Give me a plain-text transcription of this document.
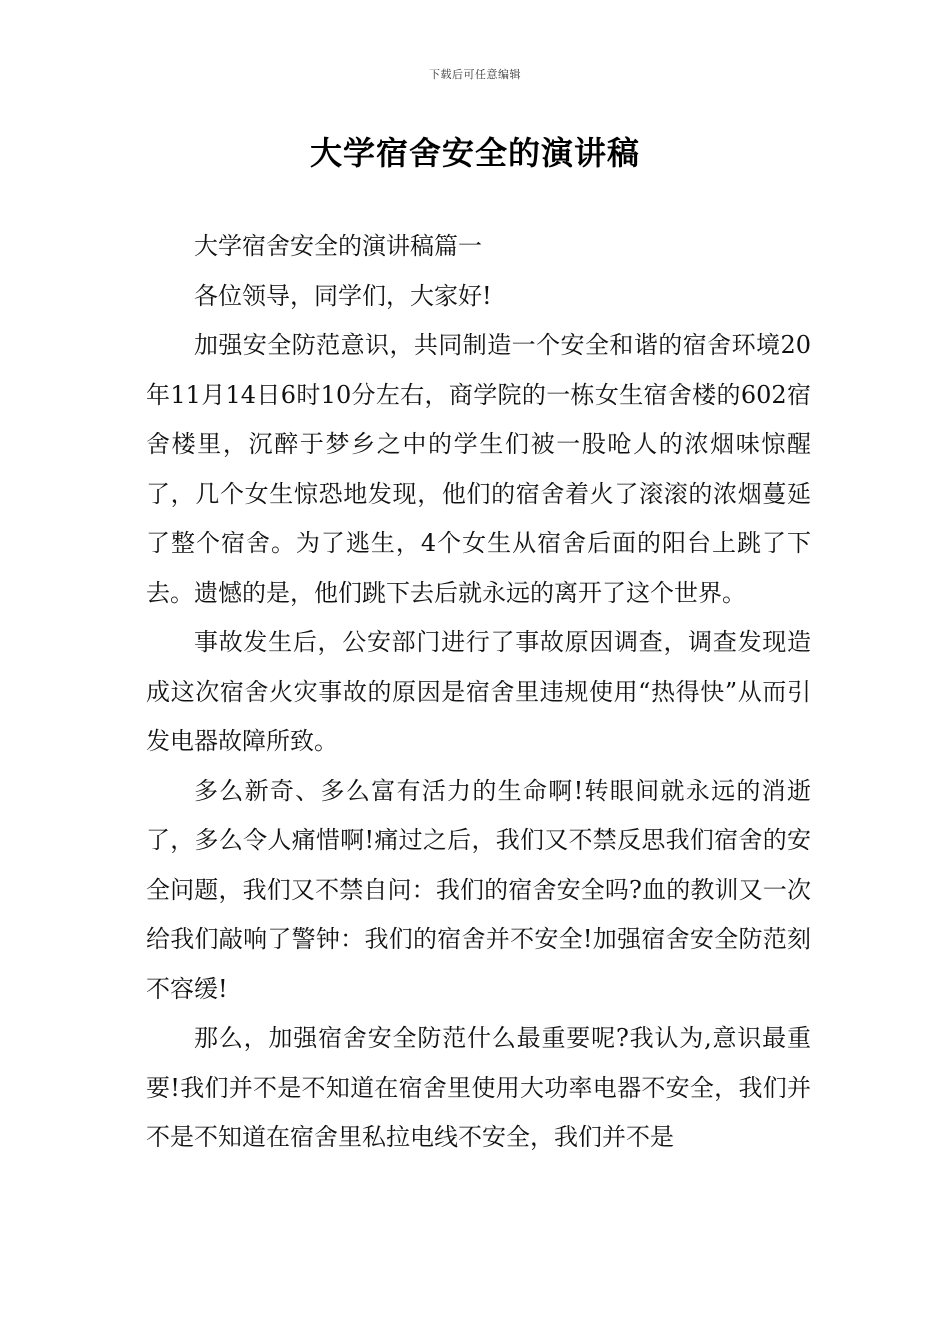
下载后可任意编辑
大学宿舍安全的演讲稿

大学宿舍安全的演讲稿篇一

各位领导，同学们，大家好!

加强安全防范意识，共同制造一个安全和谐的宿舍环境20年11月14日6时10分左右，商学院的一栋女生宿舍楼的602宿舍楼里，沉醉于梦乡之中的学生们被一股呛人的浓烟味惊醒了，几个女生惊恐地发现，他们的宿舍着火了滚滚的浓烟蔓延了整个宿舍。为了逃生，4个女生从宿舍后面的阳台上跳了下去。遗憾的是，他们跳下去后就永远的离开了这个世界。

事故发生后，公安部门进行了事故原因调查，调查发现造成这次宿舍火灾事故的原因是宿舍里违规使用“热得快”从而引发电器故障所致。

多么新奇、多么富有活力的生命啊!转眼间就永远的消逝了，多么令人痛惜啊!痛过之后，我们又不禁反思我们宿舍的安全问题，我们又不禁自问：我们的宿舍安全吗?血的教训又一次给我们敲响了警钟：我们的宿舍并不安全!加强宿舍安全防范刻不容缓!

那么，加强宿舍安全防范什么最重要呢?我认为,意识最重要!我们并不是不知道在宿舍里使用大功率电器不安全，我们并不是不知道在宿舍里私拉电线不安全，我们并不是
